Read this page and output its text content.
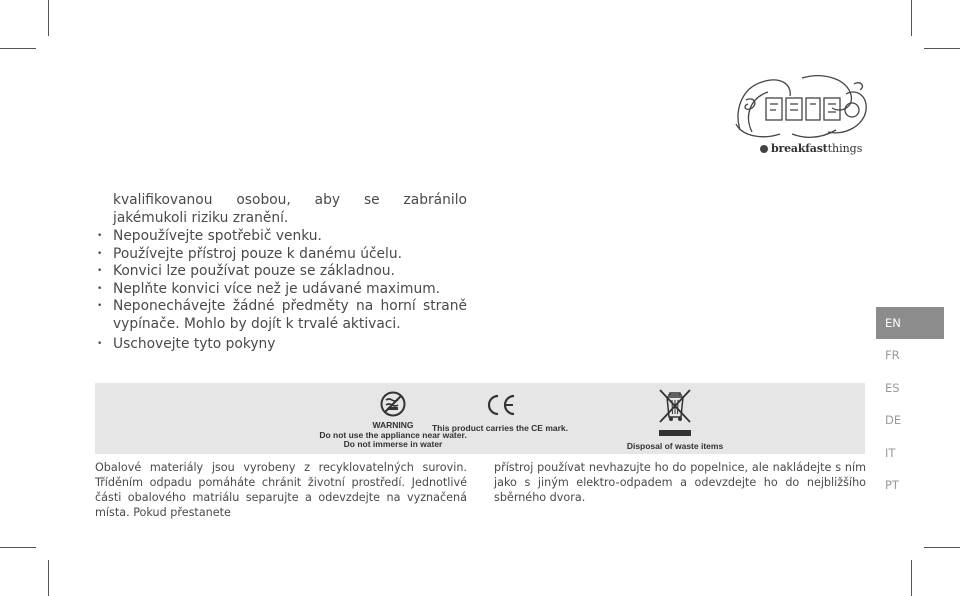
breakfastthings

kvalifikovanou osobou, aby se zabránilo jakémukoli riziku zranění.

• Nepoužívejte spotřebič venku.
• Používejte přístroj pouze k danému účelu.
• Konvici lze používat pouze se základnou.
• Neplňte konvici více než je udávané maximum.
• Neponechávejte žádné předměty na horní straně vypínače. Mohlo by dojít k trvalé aktivaci.
• Uschovejte tyto pokyny
WARNING
Do not use the appliance near water.
Do not immerse in water
This product carries the CE mark.
Disposal of waste items

Obalové materiály jsou vyrobeny z recyklovatelných surovin. Tříděním odpadu pomáháte chránit životní prostředí. Jednotlivé části obalového matriálu separujte a odevzdejte na vyznačená místa. Pokud přestanete

přístroj používat nevhazujte ho do popelnice, ale nakládejte s ním jako s jiným elektro-odpadem a odevzdejte ho do nejbližšího sběrného dvora.

EN
FR
ES
DE
IT
PT
